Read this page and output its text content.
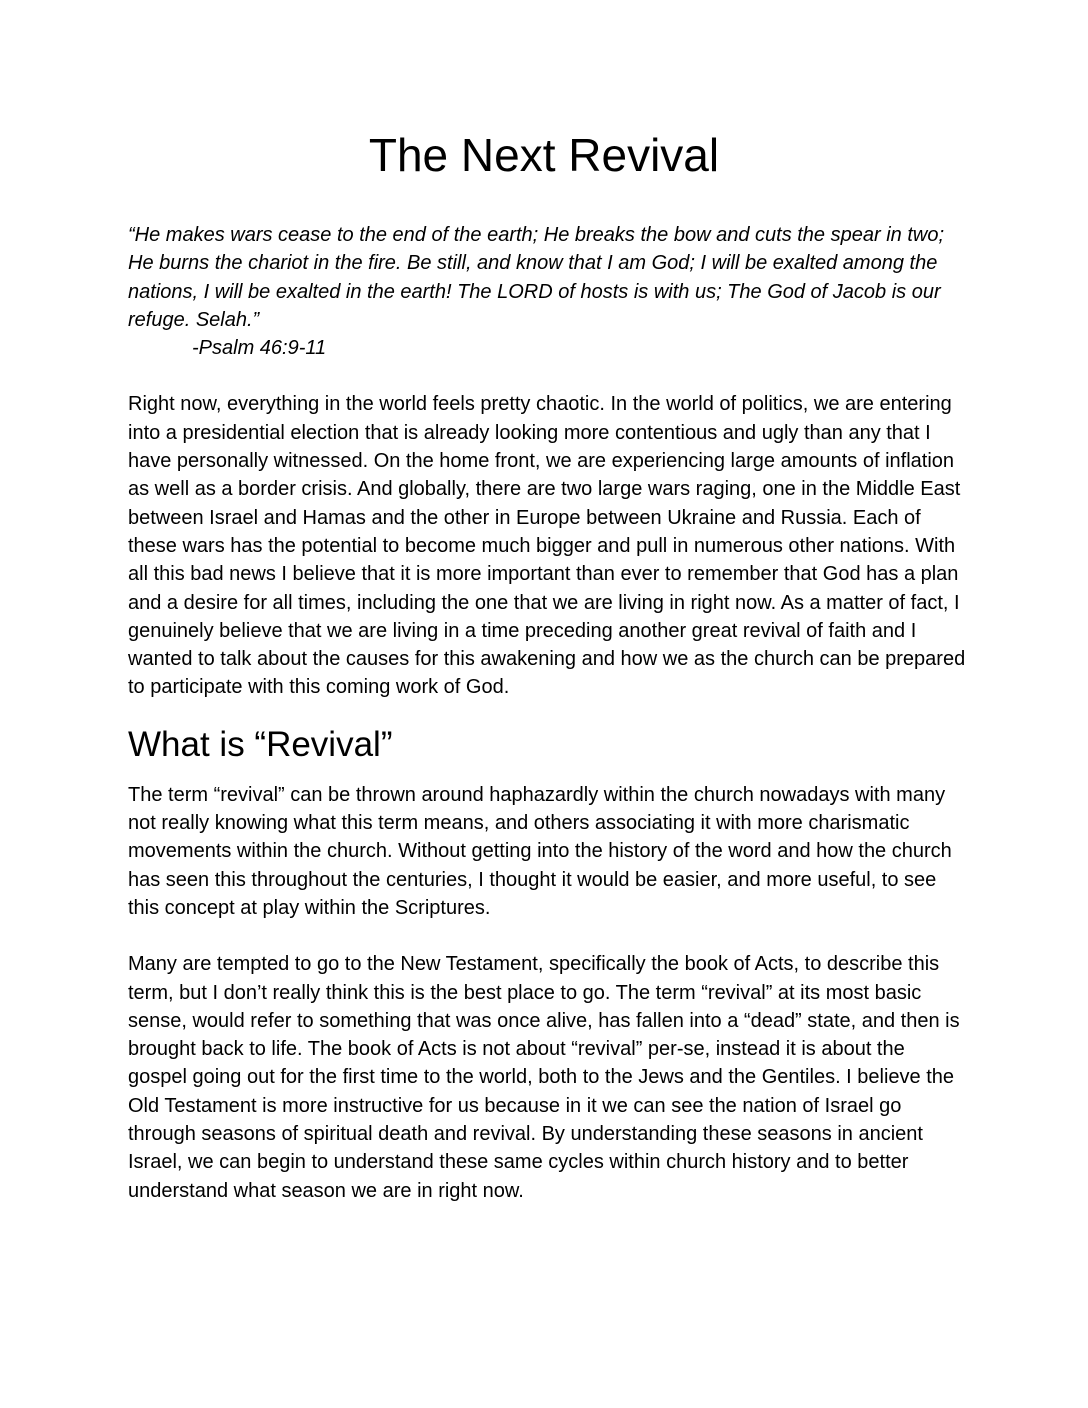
The Next Revival

“He makes wars cease to the end of the earth; He breaks the bow and cuts the spear in two; He burns the chariot in the fire. Be still, and know that I am God; I will be exalted among the nations, I will be exalted in the earth! The LORD of hosts is with us; The God of Jacob is our refuge. Selah.”

-Psalm 46:9-11

Right now, everything in the world feels pretty chaotic. In the world of politics, we are entering into a presidential election that is already looking more contentious and ugly than any that I have personally witnessed. On the home front, we are experiencing large amounts of inflation as well as a border crisis. And globally, there are two large wars raging, one in the Middle East between Israel and Hamas and the other in Europe between Ukraine and Russia. Each of these wars has the potential to become much bigger and pull in numerous other nations. With all this bad news I believe that it is more important than ever to remember that God has a plan and a desire for all times, including the one that we are living in right now. As a matter of fact, I genuinely believe that we are living in a time preceding another great revival of faith and I wanted to talk about the causes for this awakening and how we as the church can be prepared to participate with this coming work of God.

What is “Revival”

The term “revival” can be thrown around haphazardly within the church nowadays with many not really knowing what this term means, and others associating it with more charismatic movements within the church. Without getting into the history of the word and how the church has seen this throughout the centuries, I thought it would be easier, and more useful, to see this concept at play within the Scriptures.

Many are tempted to go to the New Testament, specifically the book of Acts, to describe this term, but I don’t really think this is the best place to go. The term “revival” at its most basic sense, would refer to something that was once alive, has fallen into a “dead” state, and then is brought back to life. The book of Acts is not about “revival” per-se, instead it is about the gospel going out for the first time to the world, both to the Jews and the Gentiles. I believe the Old Testament is more instructive for us because in it we can see the nation of Israel go through seasons of spiritual death and revival. By understanding these seasons in ancient Israel, we can begin to understand these same cycles within church history and to better understand what season we are in right now.
